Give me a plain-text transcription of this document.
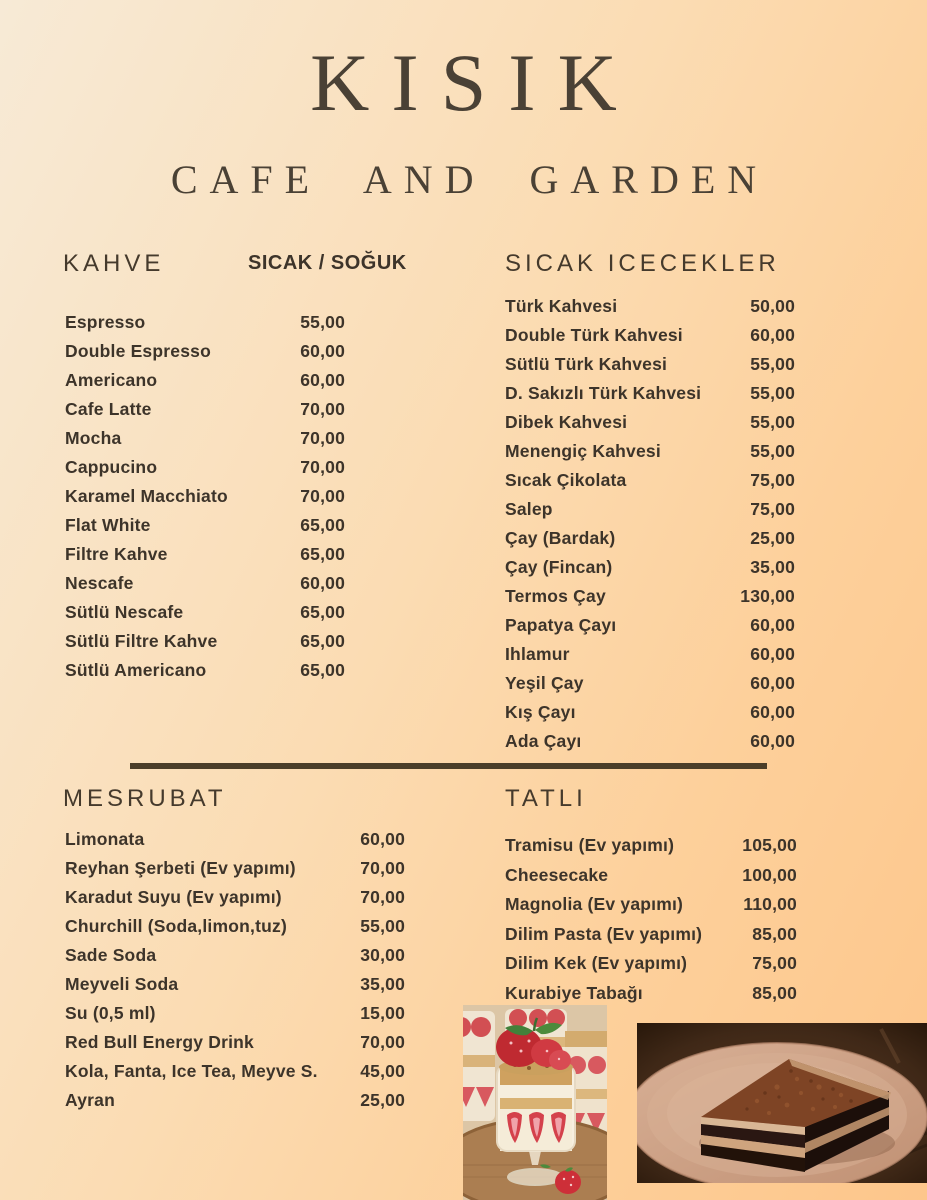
KISIK
CAFE AND GARDEN
KAHVE	SICAK / SOĞUK	SICAK ICECEKLER
Espresso	55,00
Double Espresso	60,00
Americano	60,00
Cafe Latte	70,00
Mocha	70,00
Cappucino	70,00
Karamel Macchiato	70,00
Flat White	65,00
Filtre Kahve	65,00
Nescafe	60,00
Sütlü Nescafe	65,00
Sütlü Filtre Kahve	65,00
Sütlü Americano	65,00
Türk Kahvesi	50,00
Double Türk Kahvesi	60,00
Sütlü Türk Kahvesi	55,00
D. Sakızlı Türk Kahvesi	55,00
Dibek Kahvesi	55,00
Menengiç Kahvesi	55,00
Sıcak Çikolata	75,00
Salep	75,00
Çay (Bardak)	25,00
Çay (Fincan)	35,00
Termos Çay	130,00
Papatya Çayı	60,00
Ihlamur	60,00
Yeşil Çay	60,00
Kış Çayı	60,00
Ada Çayı	60,00
MESRUBAT	TATLI
Limonata	60,00
Reyhan Şerbeti (Ev yapımı)	70,00
Karadut Suyu (Ev yapımı)	70,00
Churchill (Soda,limon,tuz)	55,00
Sade Soda	30,00
Meyveli Soda	35,00
Su (0,5 ml)	15,00
Red Bull Energy Drink	70,00
Kola, Fanta, Ice Tea, Meyve S. 45,00
Ayran	25,00
Tramisu (Ev yapımı)	105,00
Cheesecake	100,00
Magnolia (Ev yapımı)	110,00
Dilim Pasta (Ev yapımı)	85,00
Dilim Kek (Ev yapımı)	75,00
Kurabiye Tabağı	85,00
